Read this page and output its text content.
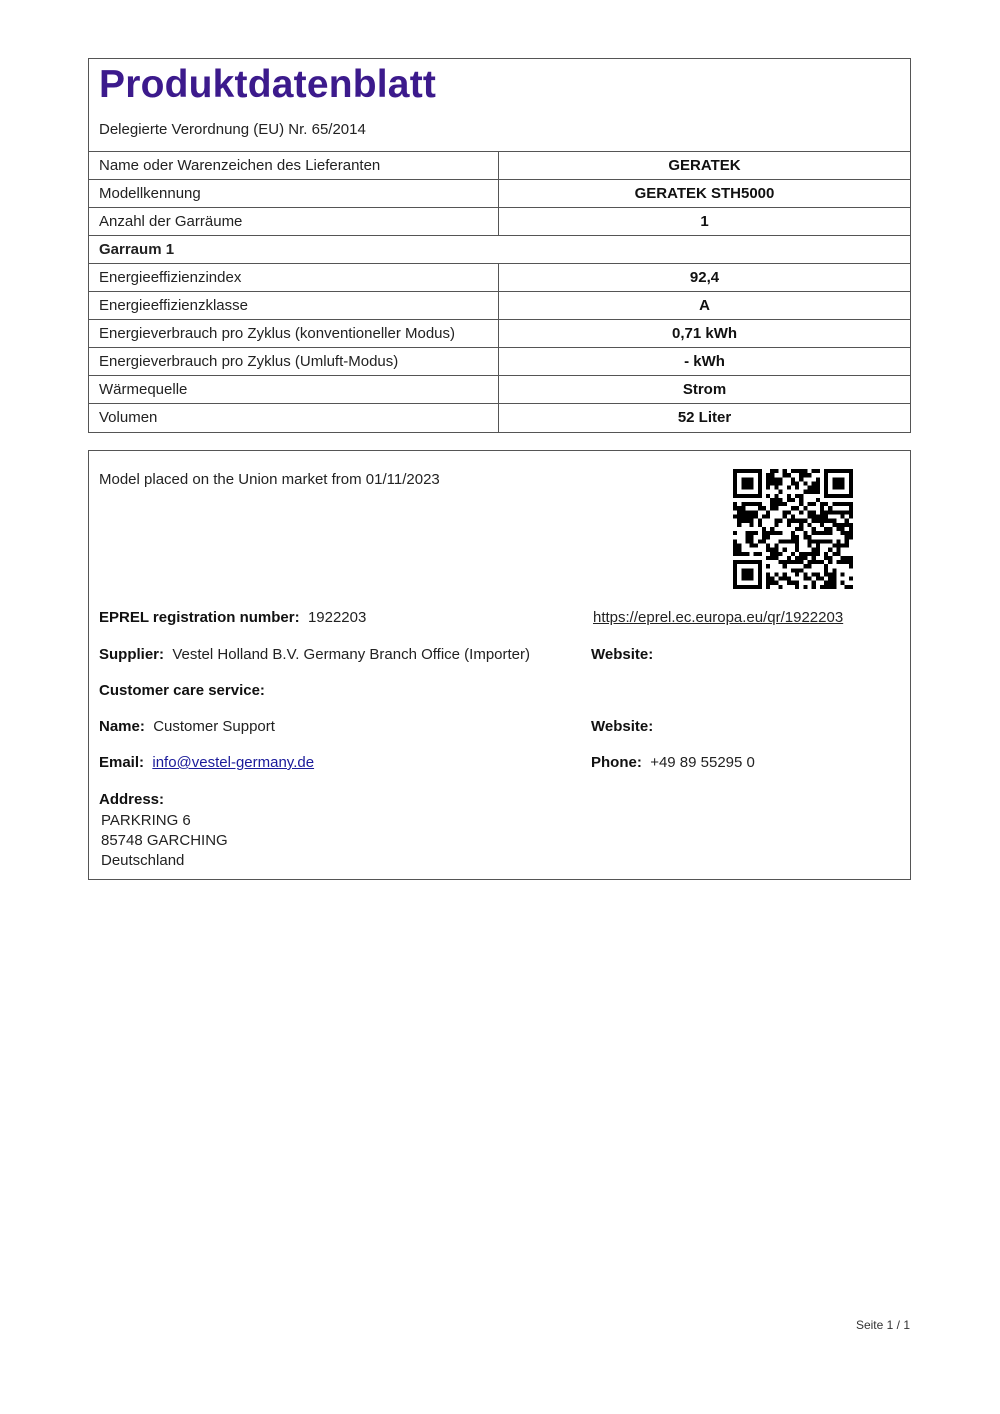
Produktdatenblatt
Delegierte Verordnung (EU) Nr. 65/2014
Name oder Warenzeichen des Lieferanten	GERATEK
Modellkennung	GERATEK STH5000
Anzahl der Garräume	1
Garraum 1
Energieeffizienzindex	92,4
Energieeffizienzklasse	A
Energieverbrauch pro Zyklus (konventioneller Modus)	0,71 kWh
Energieverbrauch pro Zyklus (Umluft-Modus)	- kWh
Wärmequelle	Strom
Volumen	52 Liter
Model placed on the Union market from 01/11/2023
EPREL registration number: 1922203	https://eprel.ec.europa.eu/qr/1922203
Supplier: Vestel Holland B.V. Germany Branch Office (Importer)	Website:
Customer care service:
Name: Customer Support	Website:
Email: info@vestel-germany.de	Phone: +49 89 55295 0
Address:
PARKRING 6
85748 GARCHING
Deutschland
Seite 1 / 1
